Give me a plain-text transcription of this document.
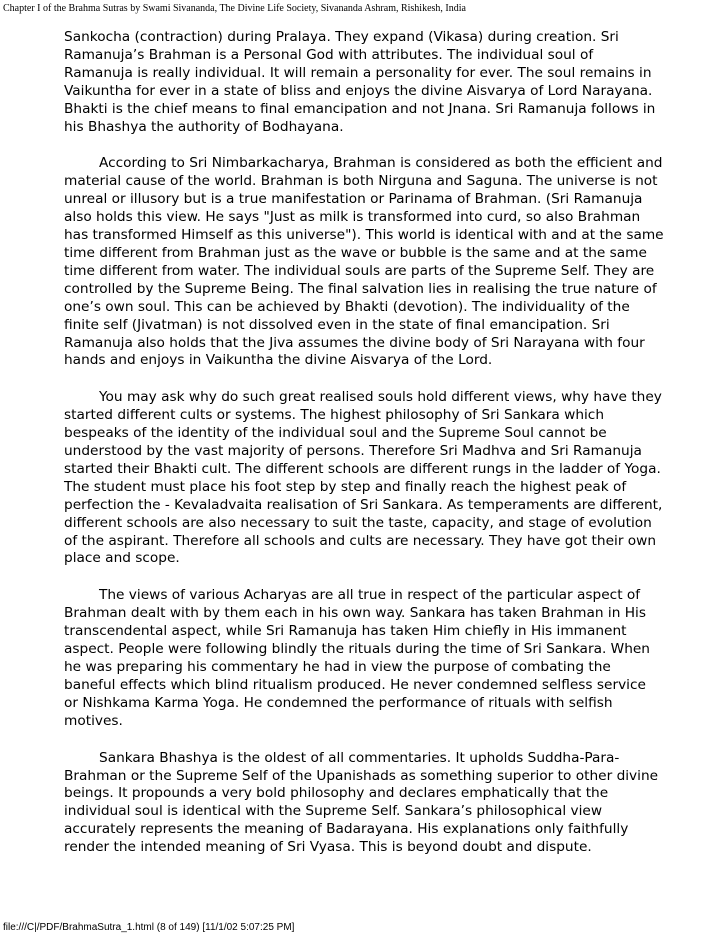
Chapter I of the Brahma Sutras by Swami Sivananda, The Divine Life Society, Sivananda Ashram, Rishikesh, India

Sankocha (contraction) during Pralaya. They expand (Vikasa) during creation. Sri Ramanuja’s Brahman is a Personal God with attributes. The individual soul of Ramanuja is really individual. It will remain a personality for ever. The soul remains in Vaikuntha for ever in a state of bliss and enjoys the divine Aisvarya of Lord Narayana. Bhakti is the chief means to final emancipation and not Jnana. Sri Ramanuja follows in his Bhashya the authority of Bodhayana.

According to Sri Nimbarkacharya, Brahman is considered as both the efficient and material cause of the world. Brahman is both Nirguna and Saguna. The universe is not unreal or illusory but is a true manifestation or Parinama of Brahman. (Sri Ramanuja also holds this view. He says "Just as milk is transformed into curd, so also Brahman has transformed Himself as this universe"). This world is identical with and at the same time different from Brahman just as the wave or bubble is the same and at the same time different from water. The individual souls are parts of the Supreme Self. They are controlled by the Supreme Being. The final salvation lies in realising the true nature of one’s own soul. This can be achieved by Bhakti (devotion). The individuality of the finite self (Jivatman) is not dissolved even in the state of final emancipation. Sri Ramanuja also holds that the Jiva assumes the divine body of Sri Narayana with four hands and enjoys in Vaikuntha the divine Aisvarya of the Lord.

You may ask why do such great realised souls hold different views, why have they started different cults or systems. The highest philosophy of Sri Sankara which bespeaks of the identity of the individual soul and the Supreme Soul cannot be understood by the vast majority of persons. Therefore Sri Madhva and Sri Ramanuja started their Bhakti cult. The different schools are different rungs in the ladder of Yoga. The student must place his foot step by step and finally reach the highest peak of perfection the - Kevaladvaita realisation of Sri Sankara. As temperaments are different, different schools are also necessary to suit the taste, capacity, and stage of evolution of the aspirant. Therefore all schools and cults are necessary. They have got their own place and scope.

The views of various Acharyas are all true in respect of the particular aspect of Brahman dealt with by them each in his own way. Sankara has taken Brahman in His transcendental aspect, while Sri Ramanuja has taken Him chiefly in His immanent aspect. People were following blindly the rituals during the time of Sri Sankara. When he was preparing his commentary he had in view the purpose of combating the baneful effects which blind ritualism produced. He never condemned selfless service or Nishkama Karma Yoga. He condemned the performance of rituals with selfish motives.

Sankara Bhashya is the oldest of all commentaries. It upholds Suddha-Para-Brahman or the Supreme Self of the Upanishads as something superior to other divine beings. It propounds a very bold philosophy and declares emphatically that the individual soul is identical with the Supreme Self. Sankara’s philosophical view accurately represents the meaning of Badarayana. His explanations only faithfully render the intended meaning of Sri Vyasa. This is beyond doubt and dispute.

file:///C|/PDF/BrahmaSutra_1.html (8 of 149) [11/1/02 5:07:25 PM]
